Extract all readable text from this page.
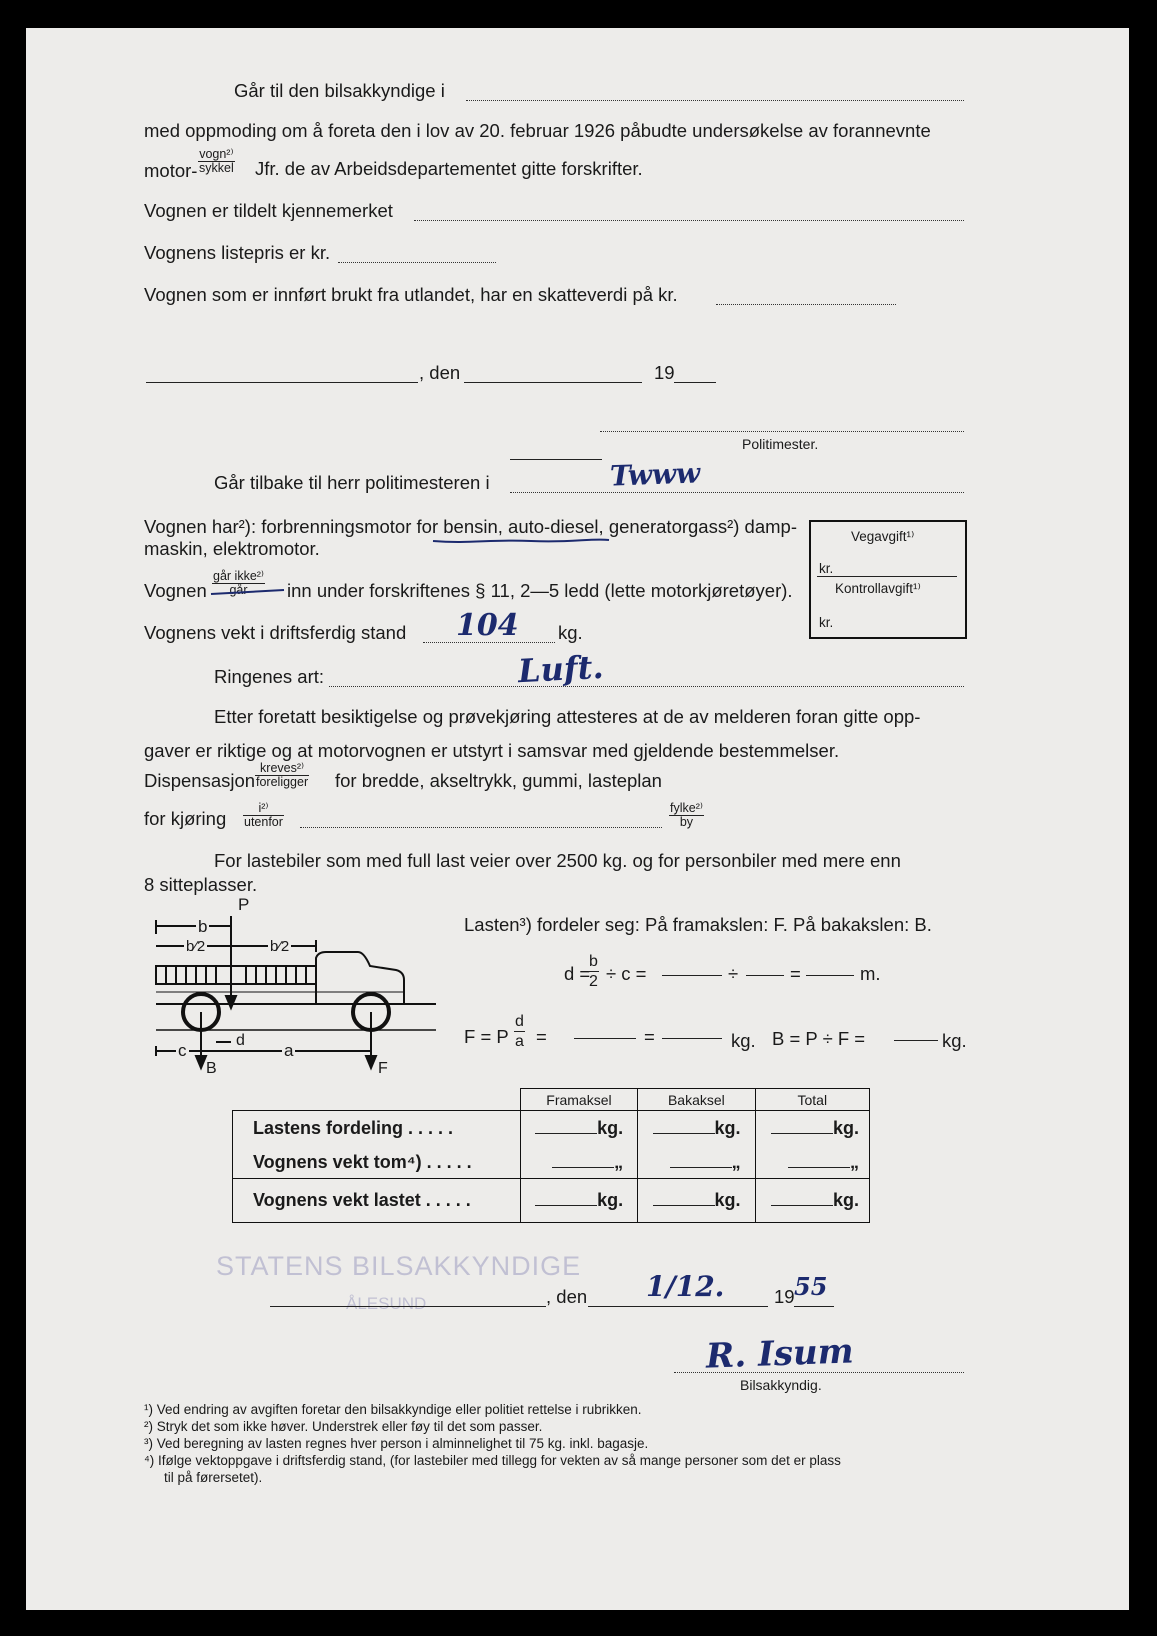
STATENS BILSAKKYNDIGE
ÅLESUND
Går til den bilsakkyndige i
med oppmoding om å foreta den i lov av 20. februar 1926 påbudte undersøkelse av forannevnte
motor-
vogn²⁾
sykkel Jfr. de av Arbeidsdepartementet gitte forskrifter.
Vognen er tildelt kjennemerket
Vognens listepris er kr.
Vognen som er innført brukt fra utlandet, har en skatteverdi på kr.
, den	19
Politimester.
Går tilbake til herr politimesteren i	Twww
Vognen har²): forbrenningsmotor for bensin, auto-diesel, generatorgass²) damp-
maskin, elektromotor.
Vognen
går ikke²⁾
går	inn under forskriftenes § 11, 2—5 ledd (lette motorkjøretøyer).
Vognens vekt i driftsferdig stand 104 kg.
Ringenes art:	Luft.
Vegavgift¹⁾
kr.
Kontrollavgift¹⁾
kr.
Etter foretatt besiktigelse og prøvekjøring attesteres at de av melderen foran gitte opp-
gaver er riktige og at motorvognen er utstyrt i samsvar med gjeldende bestemmelser.
Dispensasjon
kreves²⁾
foreligger for bredde, akseltrykk, gummi, lasteplan
for kjøring	i²⁾
utenfor
fylke²⁾
by
For lastebiler som med full last veier over 2500 kg. og for personbiler med mere enn
8 sitteplasser.
P
b
b⁄2	b⁄2
d
c	a
B	F
Lasten³) fordeler seg: På framakslen: F. På bakakslen: B.
d =
$\frac{b}{2} \div c$ =	÷	=	m.
F = P $\frac{d}{a}$ =	=	kg. B = P ÷ F =	kg.
	Framaksel	Bakaksel	Total
Lastens fordeling . . . . .	kg.	kg.	kg.
Vognens vekt tom⁴) . . . . .	„	„	„
Vognens vekt lastet . . . . .	kg.	kg.	kg.
, den 1/12.	19 55
R. Isum
Bilsakkyndig.
¹) Ved endring av avgiften foretar den bilsakkyndige eller politiet rettelse i rubrikken.
²) Stryk det som ikke høver. Understrek eller føy til det som passer.
³) Ved beregning av lasten regnes hver person i alminnelighet til 75 kg. inkl. bagasje.
⁴) Ifølge vektoppgave i driftsferdig stand, (for lastebiler med tillegg for vekten av så mange personer som det er plass
til på førersetet).
